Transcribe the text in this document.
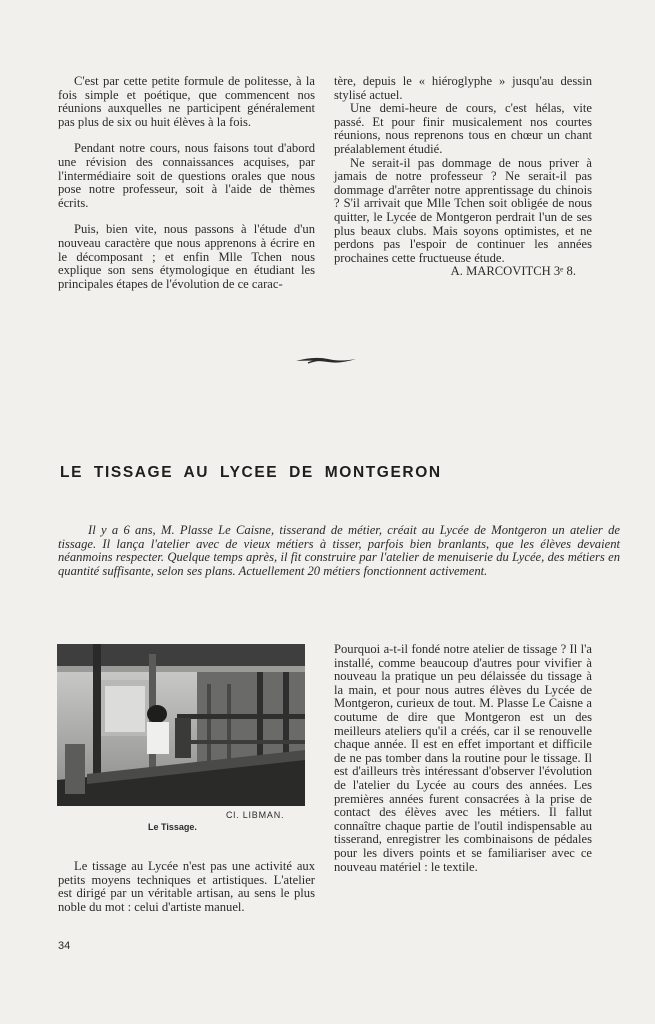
C'est par cette petite formule de politesse, à la fois simple et poétique, que commencent nos réunions auxquelles ne participent généralement pas plus de six ou huit élèves à la fois.

Pendant notre cours, nous faisons tout d'abord une révision des connaissances acquises, par l'intermédiaire soit de questions orales que nous pose notre professeur, soit à l'aide de thèmes écrits.

Puis, bien vite, nous passons à l'étude d'un nouveau caractère que nous apprenons à écrire en le décomposant ; et enfin Mlle Tchen nous explique son sens étymologique en étudiant les principales étapes de l'évolution de ce carac-

tère, depuis le « hiéroglyphe » jusqu'au dessin stylisé actuel.

Une demi-heure de cours, c'est hélas, vite passé. Et pour finir musicalement nos courtes réunions, nous reprenons tous en chœur un chant préalablement étudié.

Ne serait-il pas dommage de nous priver à jamais de notre professeur ? Ne serait-il pas dommage d'arrêter notre apprentissage du chinois ? S'il arrivait que Mlle Tchen soit obligée de nous quitter, le Lycée de Montgeron perdrait l'un de ses plus beaux clubs. Mais soyons optimistes, et ne perdons pas l'espoir de continuer les années prochaines cette fructueuse étude.

A. MARCOVITCH 3ᵉ 8.

LE TISSAGE AU LYCEE DE MONTGERON

Il y a 6 ans, M. Plasse Le Caisne, tisserand de métier, créait au Lycée de Montgeron un atelier de tissage. Il lança l'atelier avec de vieux métiers à tisser, parfois bien branlants, que les élèves devaient néanmoins respecter. Quelque temps après, il fit construire par l'atelier de menuiserie du Lycée, des métiers en quantité suffisante, selon ses plans. Actuellement 20 métiers fonctionnent activement.

Cl. LIBMAN.

Le Tissage.

Le tissage au Lycée n'est pas une activité aux petits moyens techniques et artistiques. L'atelier est dirigé par un véritable artisan, au sens le plus noble du mot : celui d'artiste manuel.

Pourquoi a-t-il fondé notre atelier de tissage ? Il l'a installé, comme beaucoup d'autres pour vivifier à nouveau la pratique un peu délaissée du tissage à la main, et pour nous autres élèves du Lycée de Montgeron, curieux de tout. M. Plasse Le Caisne a coutume de dire que Montgeron est un des meilleurs ateliers qu'il a créés, car il se renouvelle chaque année. Il est en effet important et difficile de ne pas tomber dans la routine pour le tissage. Il est d'ailleurs très intéressant d'observer l'évolution de l'atelier du Lycée au cours des années. Les premières années furent consacrées à la prise de contact des élèves avec les métiers. Il fallut connaître chaque partie de l'outil indispensable au tisserand, enregistrer les combinaisons de pédales pour les divers points et se familiariser avec ce nouveau matériel : le textile.

34
